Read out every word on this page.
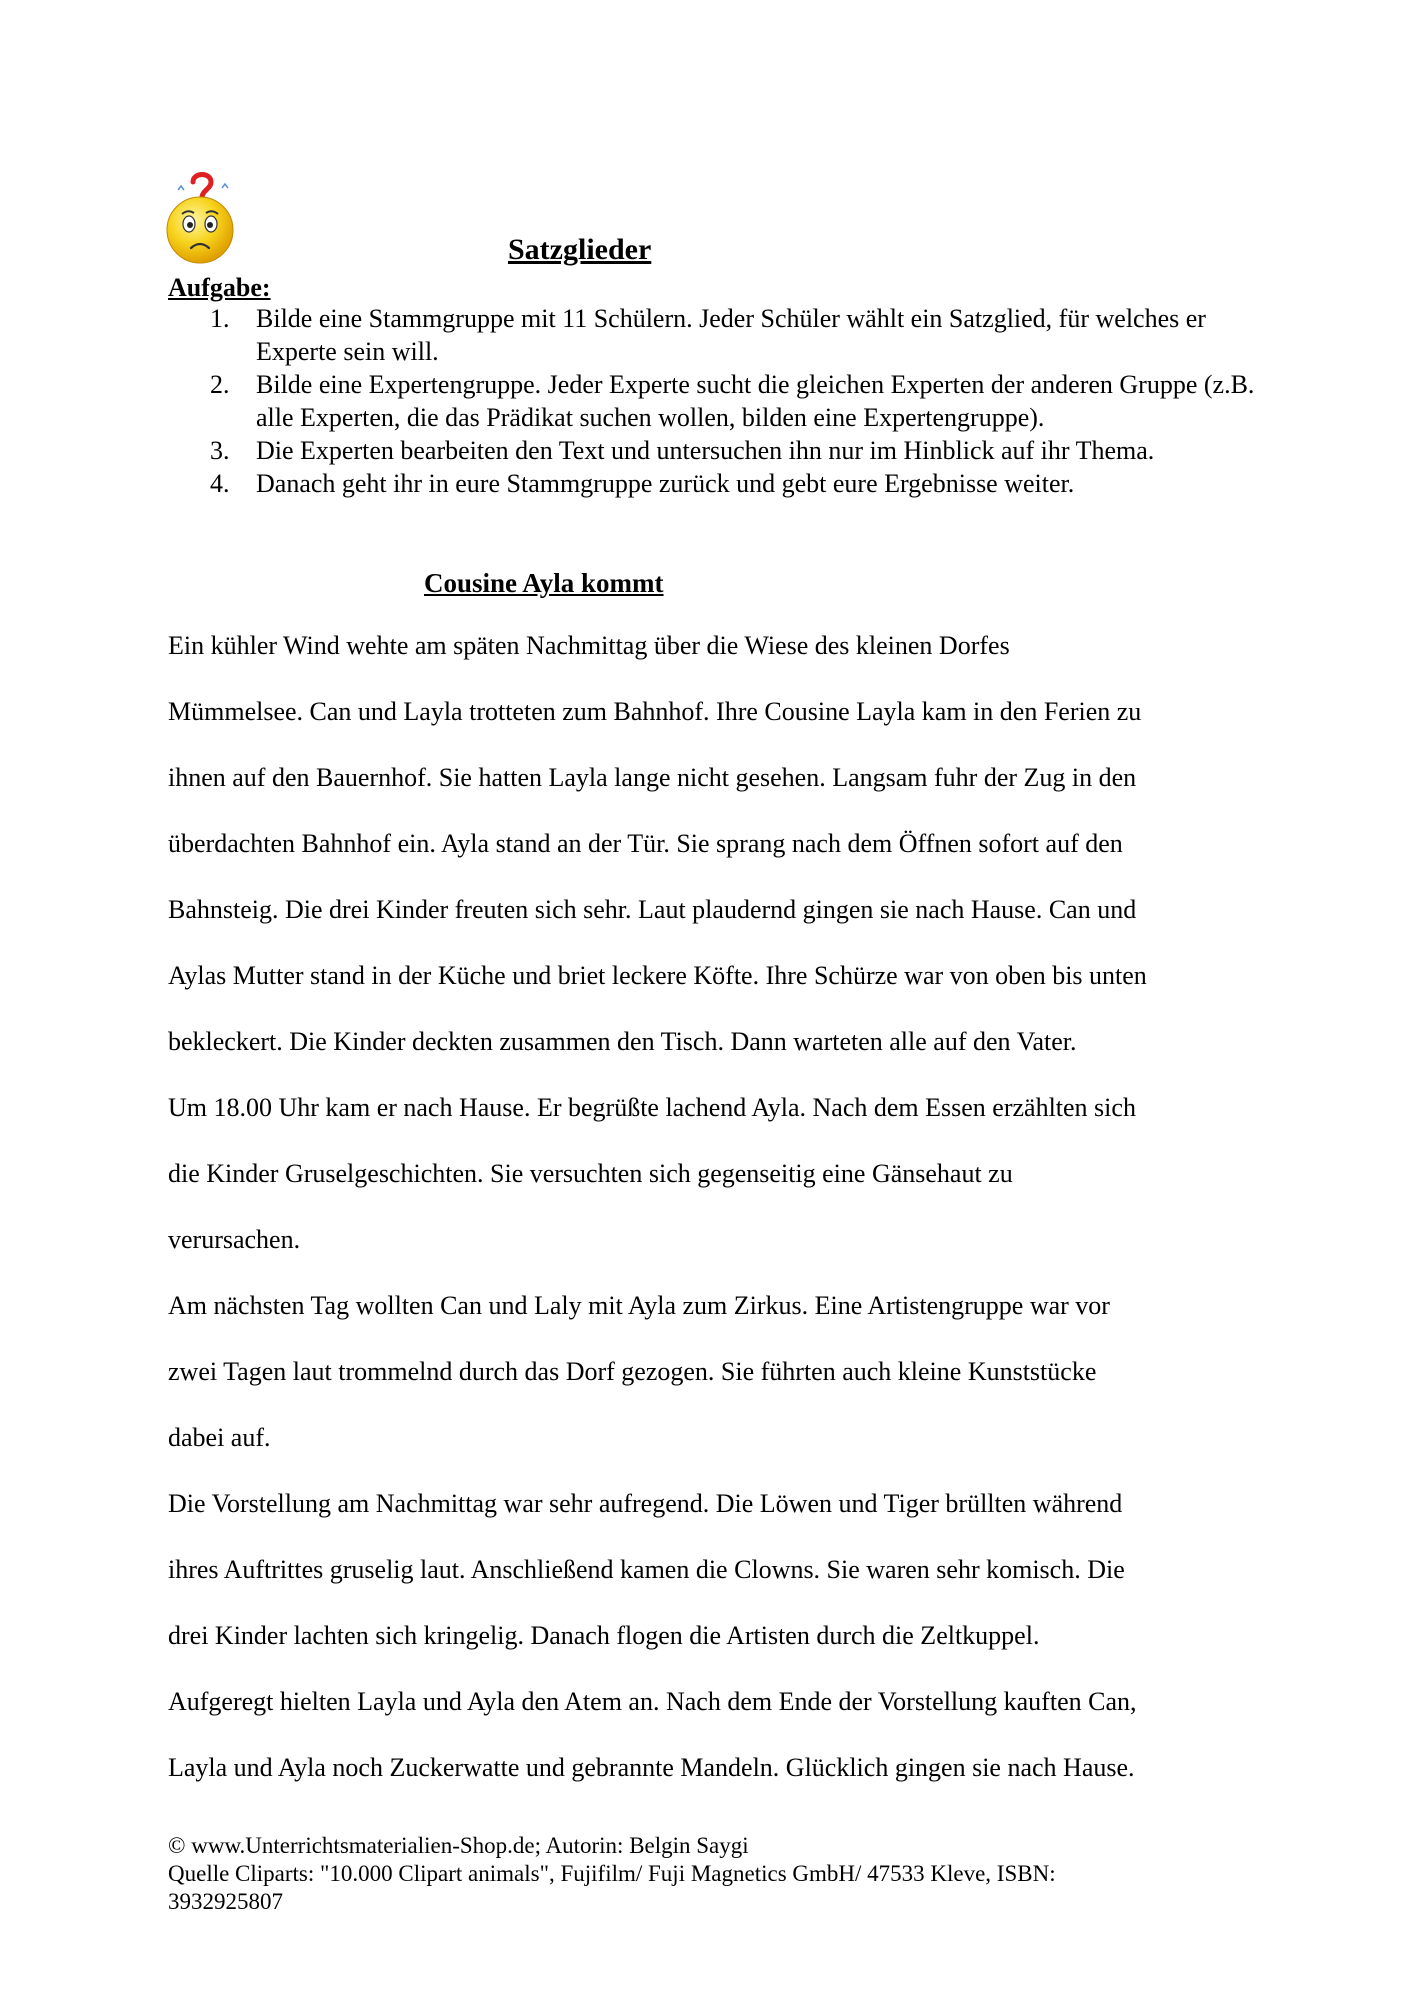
Satzglieder
Aufgabe:
1. Bilde eine Stammgruppe mit 11 Schülern. Jeder Schüler wählt ein Satzglied, für welches er Experte sein will.
2. Bilde eine Expertengruppe. Jeder Experte sucht die gleichen Experten der anderen Gruppe (z.B. alle Experten, die das Prädikat suchen wollen, bilden eine Expertengruppe).
3. Die Experten bearbeiten den Text und untersuchen ihn nur im Hinblick auf ihr Thema.
4. Danach geht ihr in eure Stammgruppe zurück und gebt eure Ergebnisse weiter.
Cousine Ayla kommt
Ein kühler Wind wehte am späten Nachmittag über die Wiese des kleinen Dorfes
Mümmelsee. Can und Layla trotteten zum Bahnhof. Ihre Cousine Layla kam in den Ferien zu
ihnen auf den Bauernhof. Sie hatten Layla lange nicht gesehen. Langsam fuhr der Zug in den
überdachten Bahnhof ein. Ayla stand an der Tür. Sie sprang nach dem Öffnen sofort auf den
Bahnsteig. Die drei Kinder freuten sich sehr. Laut plaudernd gingen sie nach Hause. Can und
Aylas Mutter stand in der Küche und briet leckere Köfte. Ihre Schürze war von oben bis unten
bekleckert. Die Kinder deckten zusammen den Tisch. Dann warteten alle auf den Vater.
Um 18.00 Uhr kam er nach Hause. Er begrüßte lachend Ayla. Nach dem Essen erzählten sich
die Kinder Gruselgeschichten. Sie versuchten sich gegenseitig eine Gänsehaut zu
verursachen.
Am nächsten Tag wollten Can und Laly mit Ayla zum Zirkus. Eine Artistengruppe war vor
zwei Tagen laut trommelnd durch das Dorf gezogen. Sie führten auch kleine Kunststücke
dabei auf.
Die Vorstellung am Nachmittag war sehr aufregend. Die Löwen und Tiger brüllten während
ihres Auftrittes gruselig laut. Anschließend kamen die Clowns. Sie waren sehr komisch. Die
drei Kinder lachten sich kringelig. Danach flogen die Artisten durch die Zeltkuppel.
Aufgeregt hielten Layla und Ayla den Atem an. Nach dem Ende der Vorstellung kauften Can,
Layla und Ayla noch Zuckerwatte und gebrannte Mandeln. Glücklich gingen sie nach Hause.
© www.Unterrichtsmaterialien-Shop.de; Autorin: Belgin Saygi
Quelle Cliparts: "10.000 Clipart animals", Fujifilm/ Fuji Magnetics GmbH/ 47533 Kleve, ISBN:
3932925807
